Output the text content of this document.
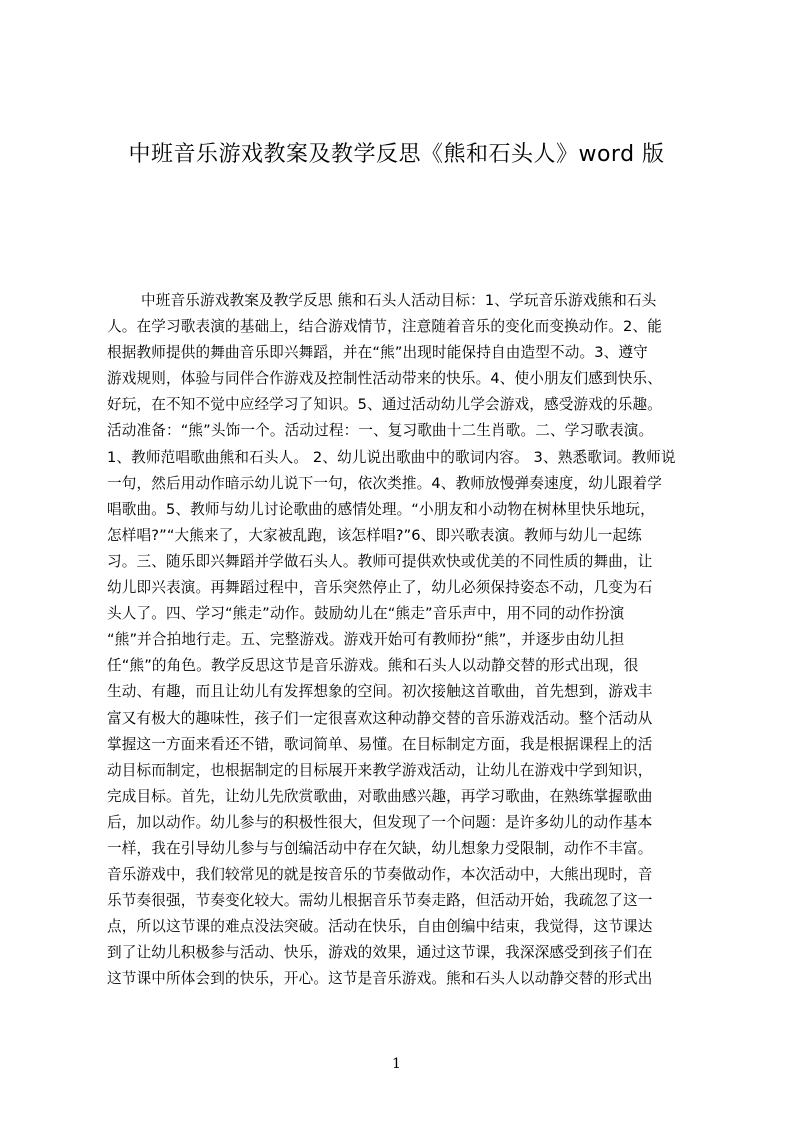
中班音乐游戏教案及教学反思《熊和石头人》word 版
中班音乐游戏教案及教学反思 熊和石头人活动目标：1、学玩音乐游戏熊和石头
人。在学习歌表演的基础上，结合游戏情节，注意随着音乐的变化而变换动作。2、能
根据教师提供的舞曲音乐即兴舞蹈，并在“熊”出现时能保持自由造型不动。3、遵守
游戏规则，体验与同伴合作游戏及控制性活动带来的快乐。4、使小朋友们感到快乐、
好玩，在不知不觉中应经学习了知识。5、通过活动幼儿学会游戏，感受游戏的乐趣。
活动准备：“熊”头饰一个。活动过程：一、复习歌曲十二生肖歌。二、学习歌表演。
1、教师范唱歌曲熊和石头人。 2、幼儿说出歌曲中的歌词内容。 3、熟悉歌词。教师说
一句，然后用动作暗示幼儿说下一句，依次类推。4、教师放慢弹奏速度，幼儿跟着学
唱歌曲。5、教师与幼儿讨论歌曲的感情处理。“小朋友和小动物在树林里快乐地玩，
怎样唱?”“大熊来了，大家被乱跑，该怎样唱?”6、即兴歌表演。教师与幼儿一起练
习。三、随乐即兴舞蹈并学做石头人。教师可提供欢快或优美的不同性质的舞曲，让
幼儿即兴表演。再舞蹈过程中，音乐突然停止了，幼儿必须保持姿态不动，几变为石
头人了。四、学习“熊走”动作。鼓励幼儿在“熊走”音乐声中，用不同的动作扮演
“熊”并合拍地行走。五、完整游戏。游戏开始可有教师扮“熊”，并逐步由幼儿担
任“熊”的角色。教学反思这节是音乐游戏。熊和石头人以动静交替的形式出现，很
生动、有趣，而且让幼儿有发挥想象的空间。初次接触这首歌曲，首先想到，游戏丰
富又有极大的趣味性，孩子们一定很喜欢这种动静交替的音乐游戏活动。整个活动从
掌握这一方面来看还不错，歌词简单、易懂。在目标制定方面，我是根据课程上的活
动目标而制定，也根据制定的目标展开来教学游戏活动，让幼儿在游戏中学到知识，
完成目标。首先，让幼儿先欣赏歌曲，对歌曲感兴趣，再学习歌曲，在熟练掌握歌曲
后，加以动作。幼儿参与的积极性很大，但发现了一个问题：是许多幼儿的动作基本
一样，我在引导幼儿参与与创编活动中存在欠缺，幼儿想象力受限制，动作不丰富。
音乐游戏中，我们较常见的就是按音乐的节奏做动作，本次活动中，大熊出现时，音
乐节奏很强，节奏变化较大。需幼儿根据音乐节奏走路，但活动开始，我疏忽了这一
点，所以这节课的难点没法突破。活动在快乐，自由创编中结束，我觉得，这节课达
到了让幼儿积极参与活动、快乐，游戏的效果，通过这节课，我深深感受到孩子们在
这节课中所体会到的快乐，开心。这节是音乐游戏。熊和石头人以动静交替的形式出
1
